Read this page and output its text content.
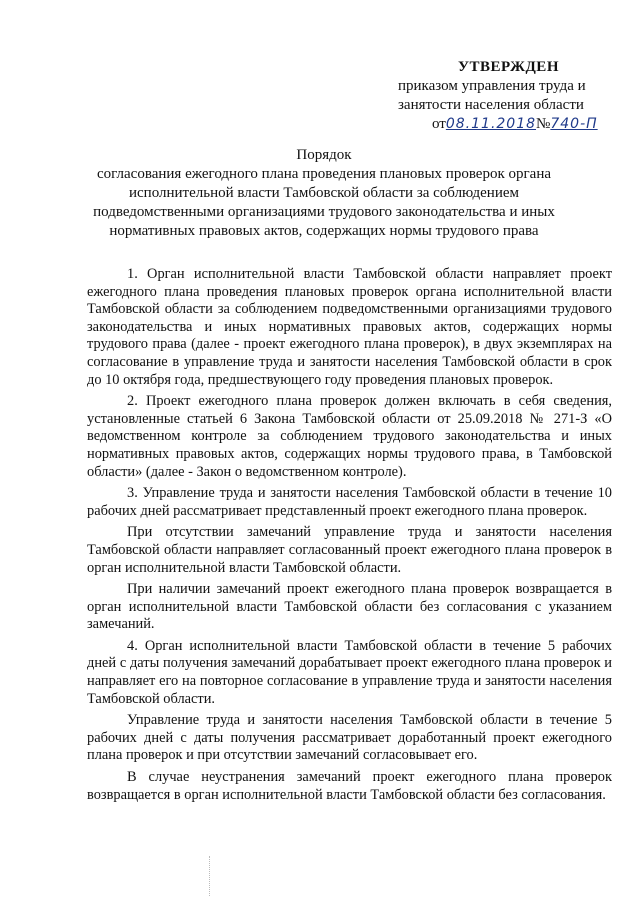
УТВЕРЖДЕН
приказом управления труда и
занятости населения области
от08.11.2018№740-П
Порядок
согласования ежегодного плана проведения плановых проверок органа
исполнительной власти Тамбовской области за соблюдением
подведомственными организациями трудового законодательства и иных
нормативных правовых актов, содержащих нормы трудового права

1. Орган исполнительной власти Тамбовской области направляет проект ежегодного плана проведения плановых проверок органа исполнительной власти Тамбовской области за соблюдением подведомственными организациями трудового законодательства и иных нормативных правовых актов, содержащих нормы трудового права (далее - проект ежегодного плана проверок), в двух экземплярах на согласование в управление труда и занятости населения Тамбовской области в срок до 10 октября года, предшествующего году проведения плановых проверок.

2. Проект ежегодного плана проверок должен включать в себя сведения, установленные статьей 6 Закона Тамбовской области от 25.09.2018 № 271-З «О ведомственном контроле за соблюдением трудового законодательства и иных нормативных правовых актов, содержащих нормы трудового права, в Тамбовской области» (далее - Закон о ведомственном контроле).

3. Управление труда и занятости населения Тамбовской области в течение 10 рабочих дней рассматривает представленный проект ежегодного плана проверок.

При отсутствии замечаний управление труда и занятости населения Тамбовской области направляет согласованный проект ежегодного плана проверок в орган исполнительной власти Тамбовской области.

При наличии замечаний проект ежегодного плана проверок возвращается в орган исполнительной власти Тамбовской области без согласования с указанием замечаний.

4. Орган исполнительной власти Тамбовской области в течение 5 рабочих дней с даты получения замечаний дорабатывает проект ежегодного плана проверок и направляет его на повторное согласование в управление труда и занятости населения Тамбовской области.

Управление труда и занятости населения Тамбовской области в течение 5 рабочих дней с даты получения рассматривает доработанный проект ежегодного плана проверок и при отсутствии замечаний согласовывает его.

В случае неустранения замечаний проект ежегодного плана проверок возвращается в орган исполнительной власти Тамбовской области без согласования.
